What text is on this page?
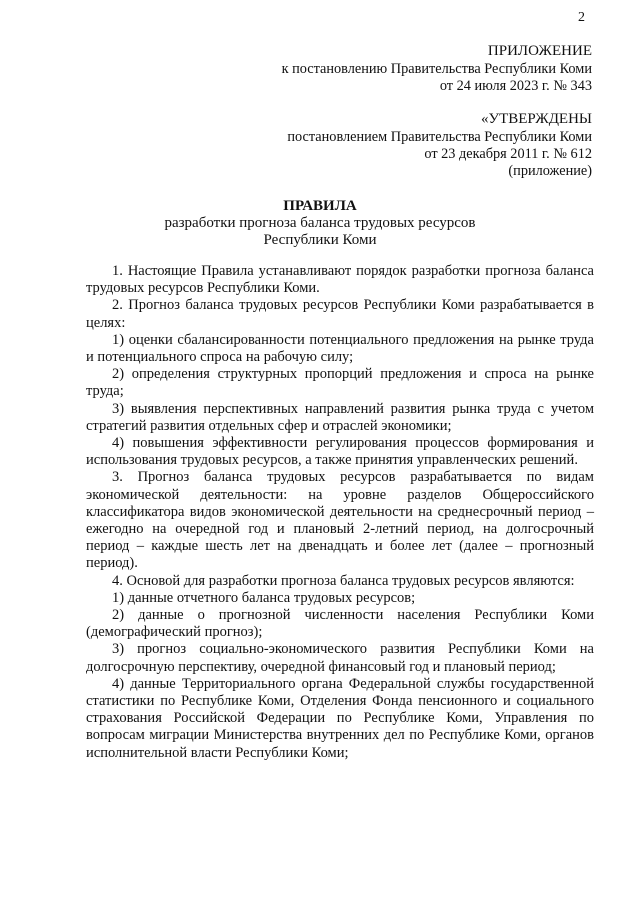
2
ПРИЛОЖЕНИЕ
к постановлению Правительства Республики Коми
от 24 июля 2023 г. № 343
«УТВЕРЖДЕНЫ
постановлением Правительства Республики Коми
от 23 декабря 2011 г. № 612
(приложение)
ПРАВИЛА
разработки прогноза баланса трудовых ресурсов
Республики Коми

1. Настоящие Правила устанавливают порядок разработки прогноза баланса трудовых ресурсов Республики Коми.

2. Прогноз баланса трудовых ресурсов Республики Коми разрабатывается в целях:

1) оценки сбалансированности потенциального предложения на рынке труда и потенциального спроса на рабочую силу;

2) определения структурных пропорций предложения и спроса на рынке труда;

3) выявления перспективных направлений развития рынка труда с учетом стратегий развития отдельных сфер и отраслей экономики;

4) повышения эффективности регулирования процессов формирования и использования трудовых ресурсов, а также принятия управленческих решений.

3. Прогноз баланса трудовых ресурсов разрабатывается по видам экономической деятельности: на уровне разделов Общероссийского классификатора видов экономической деятельности на среднесрочный период – ежегодно на очередной год и плановый 2-летний период, на долгосрочный период – каждые шесть лет на двенадцать и более лет (далее – прогнозный период).

4. Основой для разработки прогноза баланса трудовых ресурсов являются:

1) данные отчетного баланса трудовых ресурсов;

2) данные о прогнозной численности населения Республики Коми (демографический прогноз);

3) прогноз социально-экономического развития Республики Коми на долгосрочную перспективу, очередной финансовый год и плановый период;

4) данные Территориального органа Федеральной службы государственной статистики по Республике Коми, Отделения Фонда пенсионного и социального страхования Российской Федерации по Республике Коми, Управления по вопросам миграции Министерства внутренних дел по Республике Коми, органов исполнительной власти Республики Коми;
